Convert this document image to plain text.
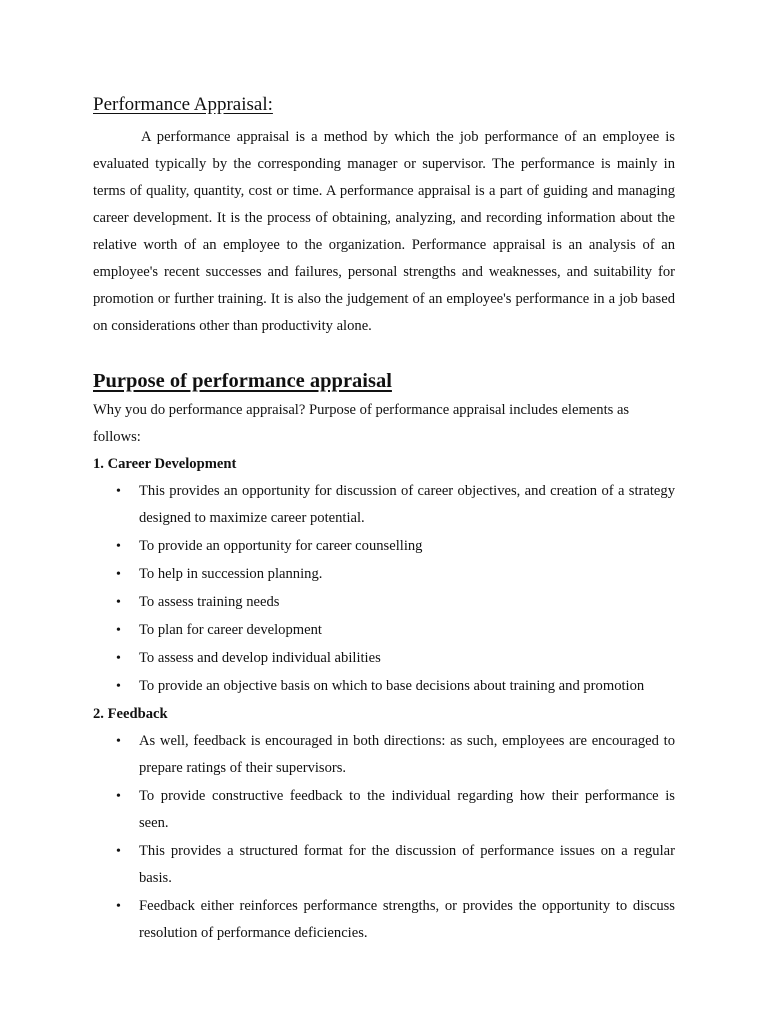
Performance Appraisal:

A performance appraisal is a method by which the job performance of an employee is evaluated typically by the corresponding manager or supervisor. The performance is mainly in terms of quality, quantity, cost or time. A performance appraisal is a part of guiding and managing career development. It is the process of obtaining, analyzing, and recording information about the relative worth of an employee to the organization. Performance appraisal is an analysis of an employee's recent successes and failures, personal strengths and weaknesses, and suitability for promotion or further training. It is also the judgement of an employee's performance in a job based on considerations other than productivity alone.

Purpose of performance appraisal

Why you do performance appraisal? Purpose of performance appraisal includes elements as follows:

1. Career Development

• This provides an opportunity for discussion of career objectives, and creation of a strategy designed to maximize career potential.
• To provide an opportunity for career counselling
• To help in succession planning.
• To assess training needs
• To plan for career development
• To assess and develop individual abilities
• To provide an objective basis on which to base decisions about training and promotion

2. Feedback

• As well, feedback is encouraged in both directions: as such, employees are encouraged to prepare ratings of their supervisors.
• To provide constructive feedback to the individual regarding how their performance is seen.
• This provides a structured format for the discussion of performance issues on a regular basis.
• Feedback either reinforces performance strengths, or provides the opportunity to discuss resolution of performance deficiencies.
